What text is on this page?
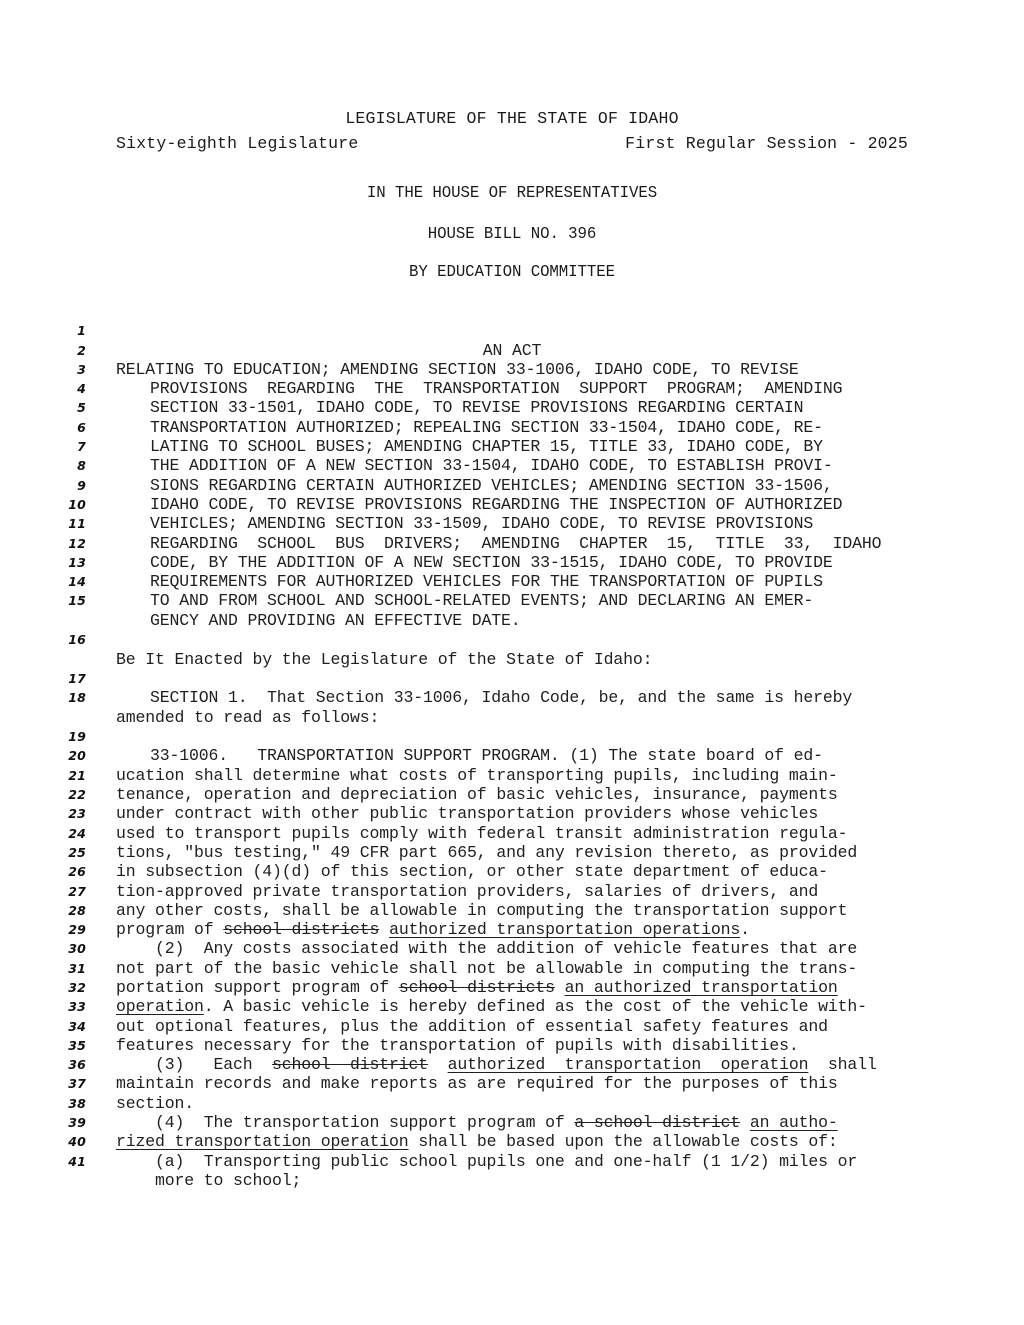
LEGISLATURE OF THE STATE OF IDAHO
Sixty-eighth Legislature	First Regular Session - 2025
IN THE HOUSE OF REPRESENTATIVES
HOUSE BILL NO. 396
BY EDUCATION COMMITTEE

1

AN ACT

2

RELATING TO EDUCATION; AMENDING SECTION 33-1006, IDAHO CODE, TO REVISE

3

PROVISIONS  REGARDING  THE  TRANSPORTATION  SUPPORT  PROGRAM;  AMENDING

4

SECTION 33-1501, IDAHO CODE, TO REVISE PROVISIONS REGARDING CERTAIN

5

TRANSPORTATION AUTHORIZED; REPEALING SECTION 33-1504, IDAHO CODE, RE-

6

LATING TO SCHOOL BUSES; AMENDING CHAPTER 15, TITLE 33, IDAHO CODE, BY

7

THE ADDITION OF A NEW SECTION 33-1504, IDAHO CODE, TO ESTABLISH PROVI-

8

SIONS REGARDING CERTAIN AUTHORIZED VEHICLES; AMENDING SECTION 33-1506,

9

IDAHO CODE, TO REVISE PROVISIONS REGARDING THE INSPECTION OF AUTHORIZED

10

VEHICLES; AMENDING SECTION 33-1509, IDAHO CODE, TO REVISE PROVISIONS

11

REGARDING  SCHOOL  BUS  DRIVERS;  AMENDING  CHAPTER  15,  TITLE  33,  IDAHO

12

CODE, BY THE ADDITION OF A NEW SECTION 33-1515, IDAHO CODE, TO PROVIDE

13

REQUIREMENTS FOR AUTHORIZED VEHICLES FOR THE TRANSPORTATION OF PUPILS

14

TO AND FROM SCHOOL AND SCHOOL-RELATED EVENTS; AND DECLARING AN EMER-

15

GENCY AND PROVIDING AN EFFECTIVE DATE.

16

Be It Enacted by the Legislature of the State of Idaho:

17

SECTION 1.  That Section 33-1006, Idaho Code, be, and the same is hereby

18

amended to read as follows:

19

33-1006.   TRANSPORTATION SUPPORT PROGRAM. (1) The state board of ed-

20

ucation shall determine what costs of transporting pupils, including main-

21

tenance, operation and depreciation of basic vehicles, insurance, payments

22

under contract with other public transportation providers whose vehicles

23

used to transport pupils comply with federal transit administration regula-

24

tions, "bus testing," 49 CFR part 665, and any revision thereto, as provided

25

in subsection (4)(d) of this section, or other state department of educa-

26

tion-approved private transportation providers, salaries of drivers, and

27

any other costs, shall be allowable in computing the transportation support

28

program of school districts authorized transportation operations.

29

(2)  Any costs associated with the addition of vehicle features that are

30

not part of the basic vehicle shall not be allowable in computing the trans-

31

portation support program of school districts an authorized transportation

32

operation. A basic vehicle is hereby defined as the cost of the vehicle with-

33

out optional features, plus the addition of essential safety features and

34

features necessary for the transportation of pupils with disabilities.

35

(3)   Each  school  district authorized  transportation  operation  shall

36

maintain records and make reports as are required for the purposes of this

37

section.

38

(4)  The transportation support program of a school district an autho-

39

rized transportation operation shall be based upon the allowable costs of:

40

(a)  Transporting public school pupils one and one-half (1 1/2) miles or

41

more to school;
